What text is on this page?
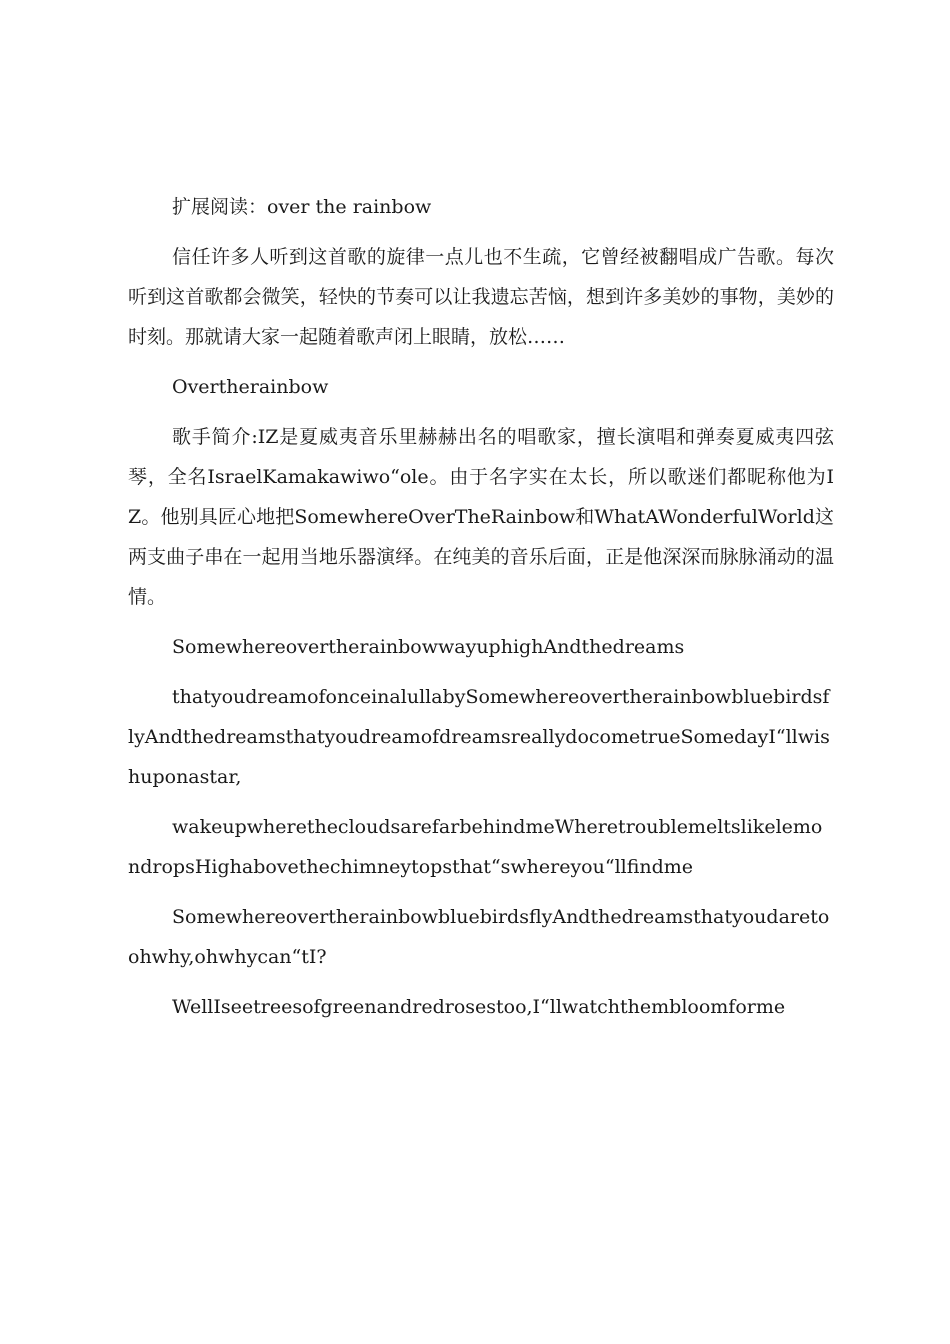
扩展阅读：over the rainbow

信任许多人听到这首歌的旋律一点儿也不生疏，它曾经被翻唱成广告歌。每次听到这首歌都会微笑，轻快的节奏可以让我遗忘苦恼，想到许多美妙的事物，美妙的时刻。那就请大家一起随着歌声闭上眼睛，放松……

Overtherainbow

歌手简介:IZ是夏威夷音乐里赫赫出名的唱歌家，擅长演唱和弹奏夏威夷四弦琴，全名IsraelKamakawiwo“ole。由于名字实在太长，所以歌迷们都昵称他为IZ。他别具匠心地把SomewhereOverTheRainbow和WhatAWonderfulWorld这两支曲子串在一起用当地乐器演绎。在纯美的音乐后面，正是他深深而脉脉涌动的温情。

SomewhereovertherainbowwayuphighAndthedreams

thatyoudreamofonceinalullabySomewhereovertherainbowbluebirdsflyAndthedreamsthatyoudreamofdreamsreallydocometrueSomedayI“llwishuponastar,

wakeupwherethecloudsarefarbehindmeWheretroublemeltslikelemondropsHighabovethechimneytopsthat“swhereyou“llfindme

SomewhereovertherainbowbluebirdsflyAndthedreamsthatyoudaretoohwhy,ohwhycan“tI?

WellIseetreesofgreenandredrosestoo,I“llwatchthembloomforme
